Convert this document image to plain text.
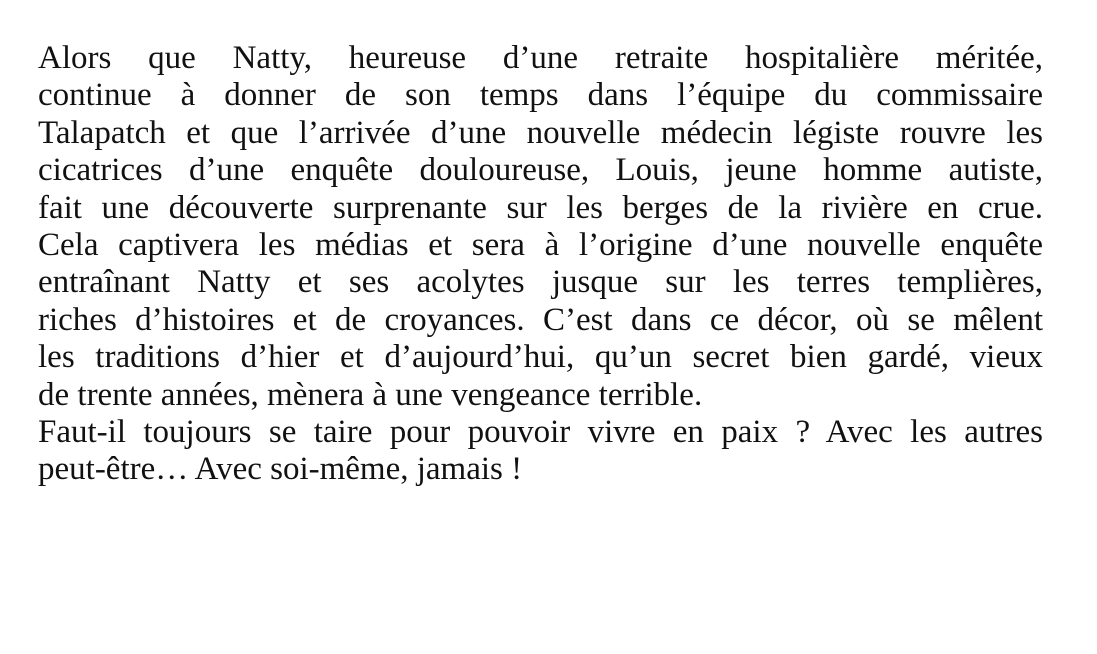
Alors que Natty, heureuse d’une retraite hospitalière méritée,
continue à donner de son temps dans l’équipe du commissaire
Talapatch et que l’arrivée d’une nouvelle médecin légiste rouvre les
cicatrices d’une enquête douloureuse, Louis, jeune homme autiste,
fait une découverte surprenante sur les berges de la rivière en crue.
Cela captivera les médias et sera à l’origine d’une nouvelle enquête
entraînant Natty et ses acolytes jusque sur les terres templières,
riches d’histoires et de croyances. C’est dans ce décor, où se mêlent
les traditions d’hier et d’aujourd’hui, qu’un secret bien gardé, vieux
de trente années, mènera à une vengeance terrible.
Faut-il toujours se taire pour pouvoir vivre en paix ? Avec les autres
peut-être… Avec soi-même, jamais !
